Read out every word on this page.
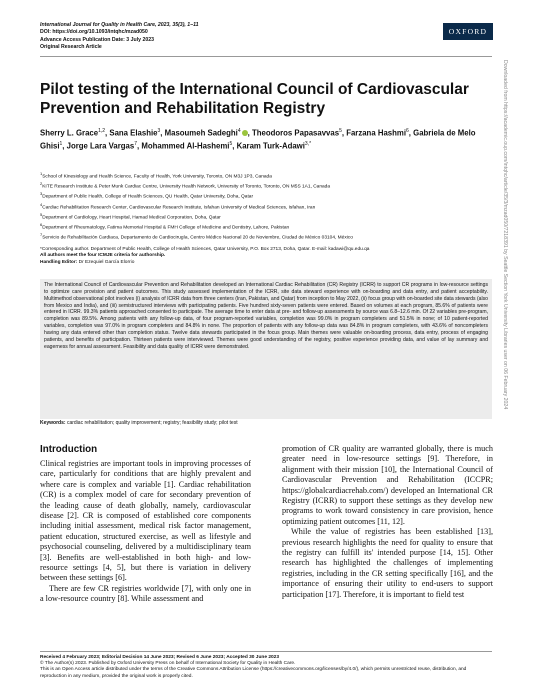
International Journal for Quality in Health Care, 2023, 35(3), 1–11
DOI: https://doi.org/10.1093/intqhc/mzad050
Advance Access Publication Date: 3 July 2023
Original Research Article
OXFORD
Pilot testing of the International Council of Cardiovascular Prevention and Rehabilitation Registry
Sherry L. Grace$^{1,2}$, Sana Elashie$^3$, Masoumeh Sadeghi$^4$ , Theodoros Papasavvas$^5$, Farzana Hashmi$^6$, Gabriela de Melo Ghisi$^1$, Jorge Lara Vargas$^7$, Mohammed Al-Hashemi$^5$, Karam Turk-Adawi$^{3,*}$
$^1$School of Kinesiology and Health Science, Faculty of Health, York University, Toronto, ON M3J 1P3, Canada
$^2$KITE Research Institute & Peter Munk Cardiac Centre, University Health Network, University of Toronto, Toronto, ON M5S 1A1, Canada
$^3$Department of Public Health, College of Health Sciences, QU Health, Qatar University, Doha, Qatar
$^4$Cardiac Rehabilitation Research Center, Cardiovascular Research Institute, Isfahan University of Medical Sciences, Isfahan, Iran
$^5$Department of Cardiology, Heart Hospital, Hamad Medical Corporation, Doha, Qatar
$^6$Department of Rheumatology, Fatima Memorial Hospital & FMH College of Medicine and Dentistry, Lahore, Pakistan
$^7$Servicio de Rehabilitación Cardiaca, Departamento de Cardiocirugía, Centro Médico Nacional 20 de Noviembre, Ciudad de México 03104, México
*Corresponding author. Department of Public Health, College of Health Sciences, Qatar University, P.O. Box 2713, Doha, Qatar. E-mail: kadawi@qu.edu.qa
All authors meet the four ICMJE criteria for authorship.
Handling Editor: Dr Ezequiel García Elorrio

The International Council of Cardiovascular Prevention and Rehabilitation developed an International Cardiac Rehabilitation (CR) Registry (ICRR) to support CR programs in low-resource settings to optimize care provision and patient outcomes. This study assessed implementation of the ICRR, site data steward experience with on-boarding and data entry, and patient acceptability. Multimethod observational pilot involves (i) analysis of ICRR data from three centers (Iran, Pakistan, and Qatar) from inception to May 2022, (ii) focus group with on-boarded site data stewards (also from Mexico and India), and (iii) semistructured interviews with participating patients. Five hundred sixty-seven patients were entered. Based on volumes at each program, 85.6% of patients were entered in ICRR. 99.3% patients approached consented to participate. The average time to enter data at pre- and follow-up assessments by source was 6.8–12.6 min. Of 22 variables pre-program, completion was 89.5%. Among patients with any follow-up data, of four program-reported variables, completion was 99.0% in program completers and 51.5% in none; of 10 patient-reported variables, completion was 97.0% in program completers and 84.8% in none. The proportion of patients with any follow-up data was 84.8% in program completers, with 43.6% of noncompleters having any data entered other than completion status. Twelve data stewards participated in the focus group. Main themes were valuable on-boarding process, data entry, process of engaging patients, and benefits of participation. Thirteen patients were interviewed. Themes were good understanding of the registry, positive experience providing data, and value of lay summary and eagerness for annual assessment. Feasibility and data quality of ICRR were demonstrated.

Keywords: cardiac rehabilitation; quality improvement; registry; feasibility study; pilot test
Introduction

Clinical registries are important tools in improving processes of care, particularly for conditions that are highly prevalent and where care is complex and variable [1]. Cardiac rehabilitation (CR) is a complex model of care for secondary prevention of the leading cause of death globally, namely, cardiovascular disease [2]. CR is composed of established core components including initial assessment, medical risk factor management, patient education, structured exercise, as well as lifestyle and psychosocial counseling, delivered by a multidisciplinary team [3]. Benefits are well-established in both high- and low-resource settings [4, 5], but there is variation in delivery between these settings [6].

There are few CR registries worldwide [7], with only one in a low-resource country [8]. While assessment and

promotion of CR quality are warranted globally, there is much greater need in low-resource settings [9]. Therefore, in alignment with their mission [10], the International Council of Cardiovascular Prevention and Rehabilitation (ICCPR; https://globalcardiacrehab.com/) developed an International CR Registry (ICRR) to support these settings as they develop new programs to work toward consistency in care provision, hence optimizing patient outcomes [11, 12].

While the value of registries has been established [13], previous research highlights the need for quality to ensure that the registry can fulfill its' intended purpose [14, 15]. Other research has highlighted the challenges of implementing registries, including in the CR setting specifically [16], and the importance of ensuring their utility to end-users to support participation [17]. Therefore, it is important to field test

Received 4 February 2023; Editorial Decision 14 June 2023; Revised 6 June 2023; Accepted 30 June 2023
© The Author(s) 2023. Published by Oxford University Press on behalf of International Society for Quality in Health Care.
This is an Open Access article distributed under the terms of the Creative Commons Attribution License (https://creativecommons.org/licenses/by/4.0/), which permits unrestricted reuse, distribution, and reproduction in any medium, provided the original work is properly cited.
Downloaded from https://academic.oup.com/intqhc/article/35/3/mzad050/7218391 by Seattle Section York University Libraries user on 06 February 2024
